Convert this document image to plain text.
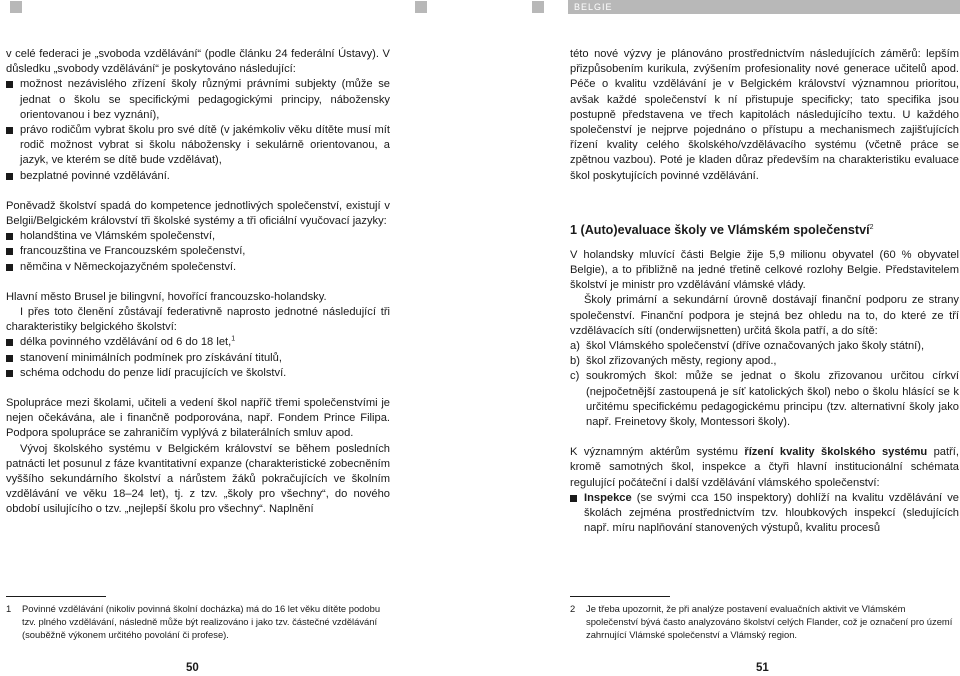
BELGIE

v celé federaci je „svoboda vzdělávání“ (podle článku 24 federální Ústavy). V důsledku „svobody vzdělávání“ je poskytováno následující:

možnost nezávislého zřízení školy různými právními subjekty (může se jednat o školu se specifickými pedagogickými principy, nábožensky orientovanou i bez vyznání),
právo rodičům vybrat školu pro své dítě (v jakémkoliv věku dítěte musí mít rodič možnost vybrat si školu nábožensky i sekulárně orientovanou, a jazyk, ve kterém se dítě bude vzdělávat),
bezplatné povinné vzdělávání.

Poněvadž školství spadá do kompetence jednotlivých společenství, existují v Belgii/Belgickém království tři školské systémy a tři oficiální vyučovací jazyky:

holandština ve Vlámském společenství,
francouzština ve Francouzském společenství,
němčina v Německojazyčném společenství.

Hlavní město Brusel je bilingvní, hovořící francouzsko-holandsky.

I přes toto členění zůstávají federativně naprosto jednotné následující tři charakteristiky belgického školství:

délka povinného vzdělávání od 6 do 18 let,$^1$
stanovení minimálních podmínek pro získávání titulů,
schéma odchodu do penze lidí pracujících ve školství.

Spolupráce mezi školami, učiteli a vedení škol napříč třemi společenstvími je nejen očekávána, ale i finančně podporována, např. Fondem Prince Filipa. Podpora spolupráce se zahraničím vyplývá z bilaterálních smluv apod.

Vývoj školského systému v Belgickém království se během posledních patnácti let posunul z fáze kvantitativní expanze (charakteristické zobecněním vyššího sekundárního školství a nárůstem žáků pokračujících ve školním vzdělávání ve věku 18–24 let), tj. z tzv. „školy pro všechny“, do nového období usilujícího o tzv. „nejlepší školu pro všechny“. Naplnění

této nové výzvy je plánováno prostřednictvím následujících záměrů: lepším přizpůsobením kurikula, zvýšením profesionality nové generace učitelů apod. Péče o kvalitu vzdělávání je v Belgickém království významnou prioritou, avšak každé společenství k ní přistupuje specificky; tato specifika jsou postupně představena ve třech kapitolách následujícího textu. U každého společenství je nejprve pojednáno o přístupu a mechanismech zajišťujících řízení kvality celého školského/vzdělávacího systému (včetně práce se zpětnou vazbou). Poté je kladen důraz především na charakteristiku evaluace škol poskytujících povinné vzdělávání.

1 (Auto)evaluace školy ve Vlámském společenství$^2$

V holandsky mluvící části Belgie žije 5,9 milionu obyvatel (60 % obyvatel Belgie), a to přibližně na jedné třetině celkové rozlohy Belgie. Představitelem školství je ministr pro vzdělávání vlámské vlády.

Školy primární a sekundární úrovně dostávají finanční podporu ze strany společenství. Finanční podpora je stejná bez ohledu na to, do které ze tří vzdělávacích sítí (onderwijsnetten) určitá škola patří, a do sítě:

a) škol Vlámského společenství (dříve označovaných jako školy státní),
b) škol zřizovaných městy, regiony apod.,
c) soukromých škol: může se jednat o školu zřizovanou určitou církví (nejpočetnější zastoupená je síť katolických škol) nebo o školu hlásící se k určitému specifickému pedagogickému principu (tzv. alternativní školy jako např. Freinetovy školy, Montessori školy).

K významným aktérům systému řízení kvality školského systému patří, kromě samotných škol, inspekce a čtyři hlavní institucionální schémata regulující počáteční i další vzdělávání vlámského společenství:

Inspekce (se svými cca 150 inspektory) dohlíží na kvalitu vzdělávání ve školách zejména prostřednictvím tzv. hloubkových inspekcí (sledujících např. míru naplňování stanovených výstupů, kvalitu procesů
1	Povinné vzdělávání (nikoliv povinná školní docházka) má do 16 let věku dítěte podobu tzv. plného vzdělávání, následně může být realizováno i jako tzv. částečné vzdělávání (souběžně výkonem určitého povolání či profese).
2	Je třeba upozornit, že při analýze postavení evaluačních aktivit ve Vlámském společenství bývá často analyzováno školství celých Flander, což je označení pro území zahrnující Vlámské společenství a Vlámský region.
50	51
